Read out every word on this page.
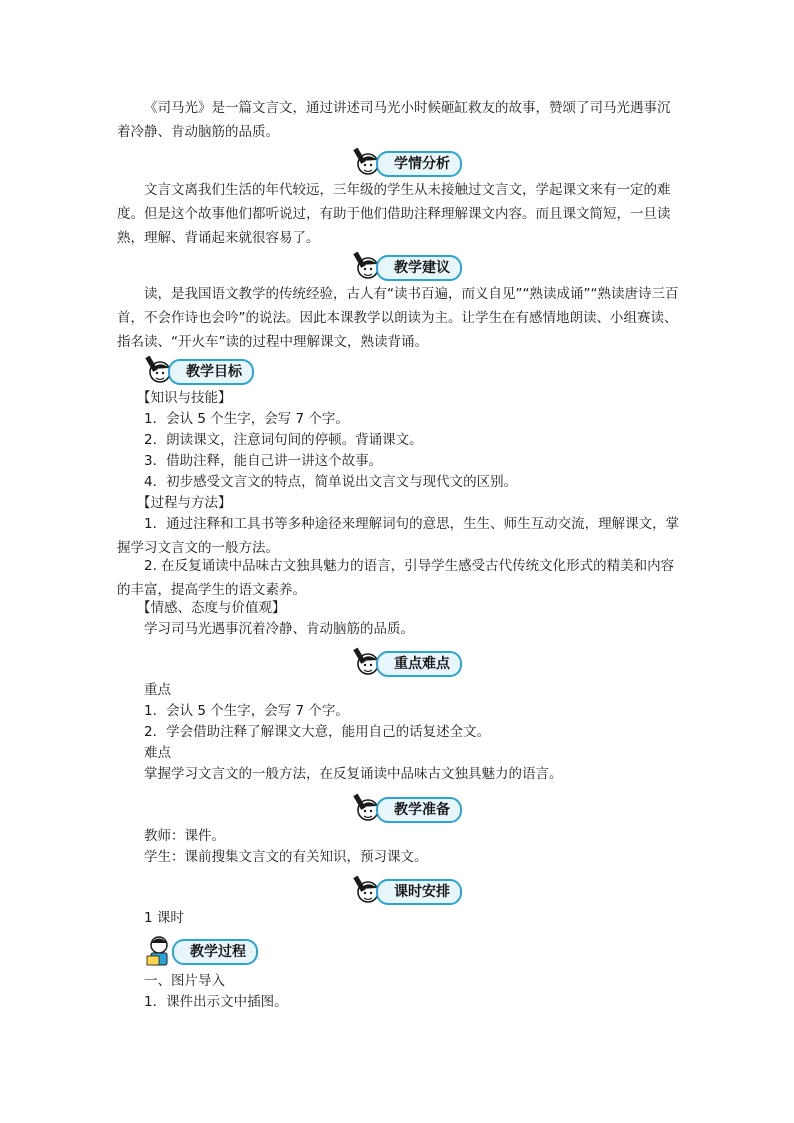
《司马光》是一篇文言文，通过讲述司马光小时候砸缸救友的故事，赞颂了司马光遇事沉着冷静、肯动脑筋的品质。

学情分析

文言文离我们生活的年代较远，三年级的学生从未接触过文言文，学起课文来有一定的难度。但是这个故事他们都听说过，有助于他们借助注释理解课文内容。而且课文简短，一旦读熟，理解、背诵起来就很容易了。

教学建议

读，是我国语文教学的传统经验，古人有“读书百遍，而义自见”“熟读成诵”“熟读唐诗三百首，不会作诗也会吟”的说法。因此本课教学以朗读为主。让学生在有感情地朗读、小组赛读、指名读、“开火车”读的过程中理解课文，熟读背诵。

教学目标

【知识与技能】

1．会认 5 个生字，会写 7 个字。

2．朗读课文，注意词句间的停顿。背诵课文。

3．借助注释，能自己讲一讲这个故事。

4．初步感受文言文的特点，简单说出文言文与现代文的区别。

【过程与方法】

1．通过注释和工具书等多种途径来理解词句的意思，生生、师生互动交流，理解课文，掌握学习文言文的一般方法。

2. 在反复诵读中品味古文独具魅力的语言，引导学生感受古代传统文化形式的精美和内容的丰富，提高学生的语文素养。

【情感、态度与价值观】

学习司马光遇事沉着冷静、肯动脑筋的品质。

重点难点

重点

1．会认 5 个生字，会写 7 个字。

2．学会借助注释了解课文大意，能用自己的话复述全文。

难点

掌握学习文言文的一般方法，在反复诵读中品味古文独具魅力的语言。

教学准备

教师：课件。

学生：课前搜集文言文的有关知识，预习课文。

课时安排

1 课时

教学过程

一、图片导入

1．课件出示文中插图。
